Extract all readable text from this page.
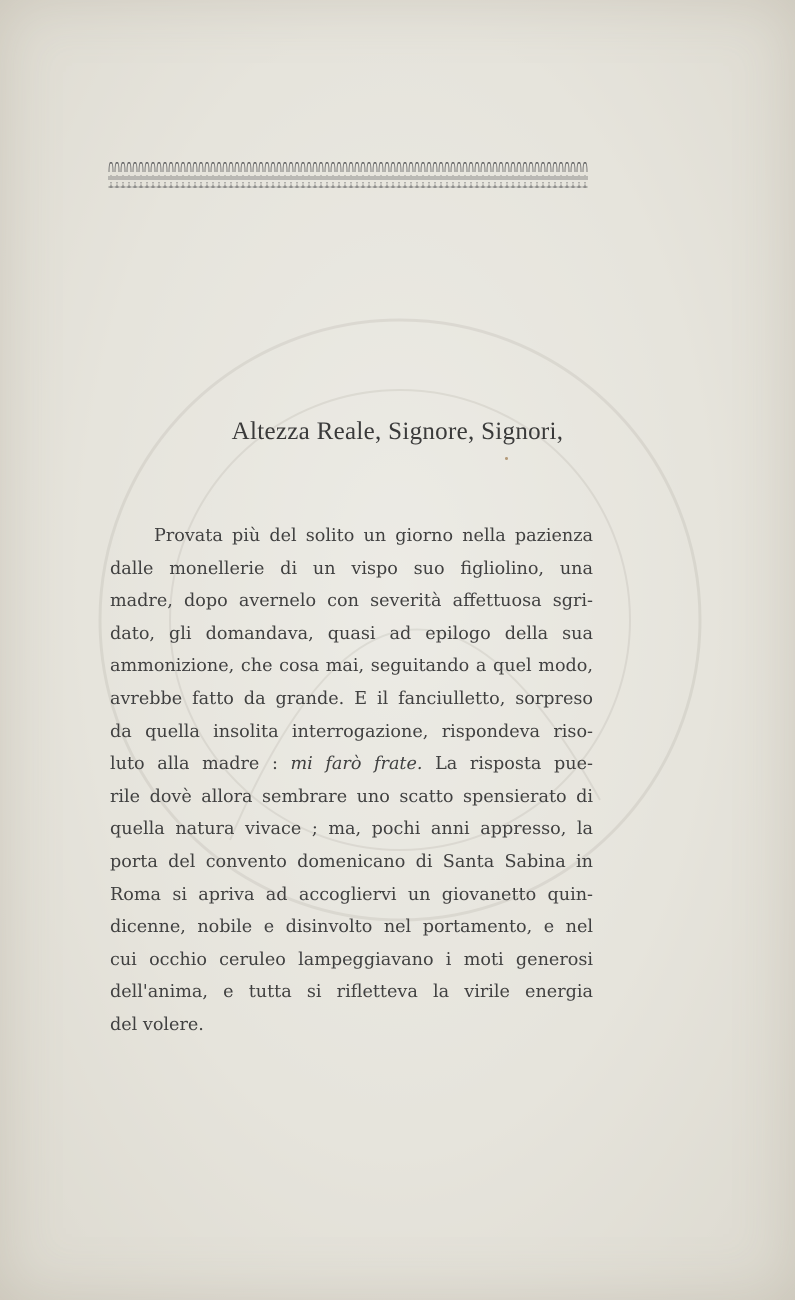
Altezza Reale, Signore, Signori,
Provata più del solito un giorno nella pazienza
dalle monellerie di un vispo suo figliolino, una
madre, dopo avernelo con severità affettuosa sgri-
dato, gli domandava, quasi ad epilogo della sua
ammonizione, che cosa mai, seguitando a quel modo,
avrebbe fatto da grande. E il fanciulletto, sorpreso
da quella insolita interrogazione, rispondeva riso-
luto alla madre : mi farò frate. La risposta pue-
rile dovè allora sembrare uno scatto spensierato di
quella natura vivace ; ma, pochi anni appresso, la
porta del convento domenicano di Santa Sabina in
Roma si apriva ad accogliervi un giovanetto quin-
dicenne, nobile e disinvolto nel portamento, e nel
cui occhio ceruleo lampeggiavano i moti generosi
dell'anima, e tutta si rifletteva la virile energia
del volere.
